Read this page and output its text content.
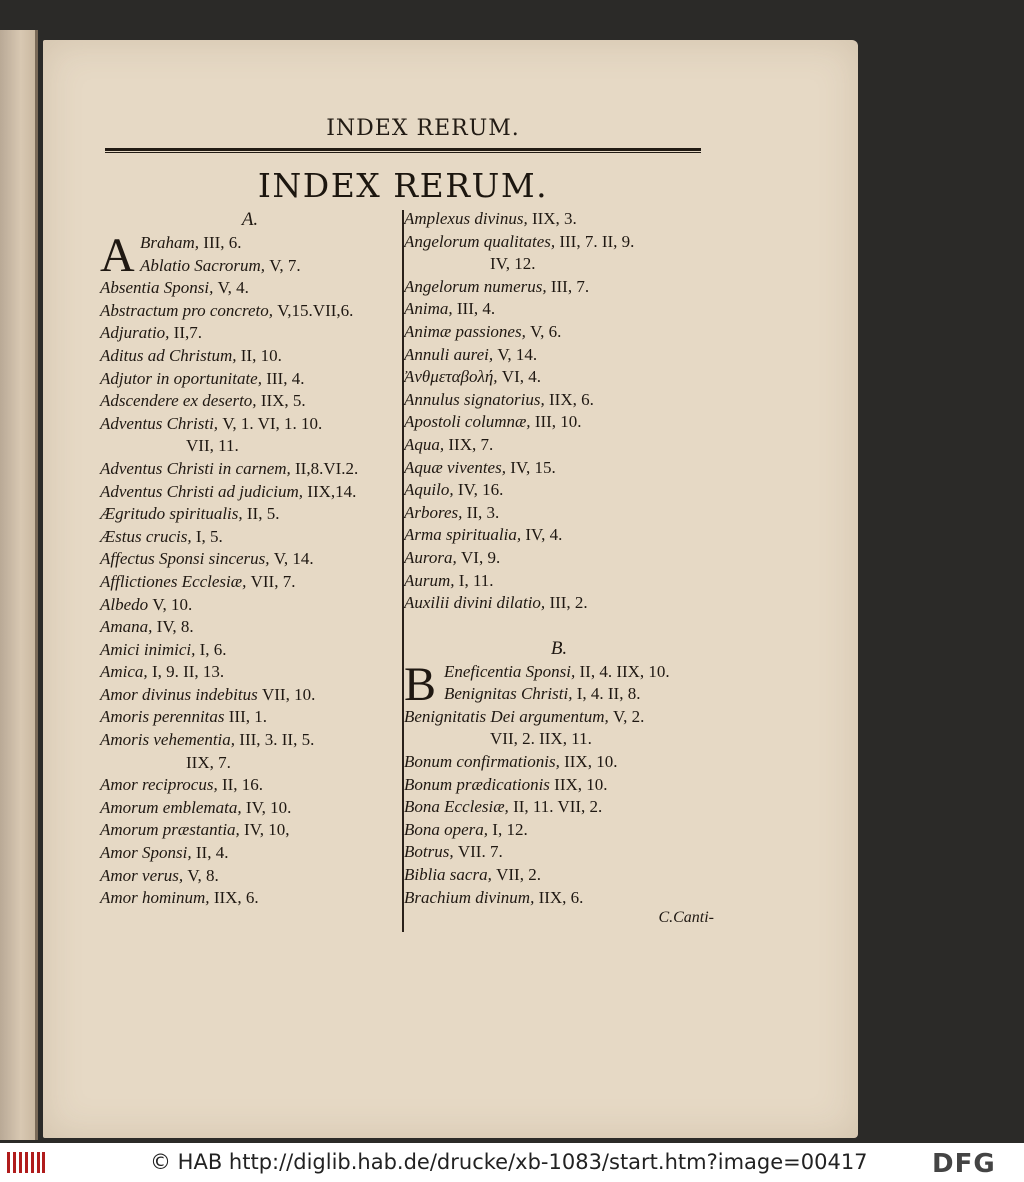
INDEX RERUM.
INDEX RERUM.
A.
A Braham, III, 6.
Ablatio Sacrorum, V, 7.
Absentia Sponsi, V, 4.
Abstractum pro concreto, V,15.VII,6.
Adjuratio, II,7.
Aditus ad Christum, II, 10.
Adjutor in oportunitate, III, 4.
Adscendere ex deserto, IIX, 5.
Adventus Christi, V, 1. VI, 1. 10.
VII, 11.
Adventus Christi in carnem, II,8.VI.2.
Adventus Christi ad judicium, IIX,14.
Ægritudo spiritualis, II, 5.
Æstus crucis, I, 5.
Affectus Sponsi sincerus, V, 14.
Afflictiones Ecclesiæ, VII, 7.
Albedo V, 10.
Amana, IV, 8.
Amici inimici, I, 6.
Amica, I, 9. II, 13.
Amor divinus indebitus VII, 10.
Amoris perennitas III, 1.
Amoris vehementia, III, 3. II, 5.
IIX, 7.
Amor reciprocus, II, 16.
Amorum emblemata, IV, 10.
Amorum præstantia, IV, 10,
Amor Sponsi, II, 4.
Amor verus, V, 8.
Amor hominum, IIX, 6.
Amplexus divinus, IIX, 3.
Angelorum qualitates, III, 7. II, 9.
IV, 12.
Angelorum numerus, III, 7.
Anima, III, 4.
Animæ passiones, V, 6.
Annuli aurei, V, 14.
Ἀνθμεταβολή, VI, 4.
Annulus signatorius, IIX, 6.
Apostoli columnæ, III, 10.
Aqua, IIX, 7.
Aquæ viventes, IV, 15.
Aquilo, IV, 16.
Arbores, II, 3.
Arma spiritualia, IV, 4.
Aurora, VI, 9.
Aurum, I, 11.
Auxilii divini dilatio, III, 2.
B.
B Eneficentia Sponsi, II, 4. IIX, 10.
Benignitas Christi, I, 4. II, 8.
Benignitatis Dei argumentum, V, 2.
VII, 2. IIX, 11.
Bonum confirmationis, IIX, 10.
Bonum prædicationis IIX, 10.
Bona Ecclesiæ, II, 11. VII, 2.
Bona opera, I, 12.
Botrus, VII. 7.
Biblia sacra, VII, 2.
Brachium divinum, IIX, 6.
C.Canti-
© HAB http://diglib.hab.de/drucke/xb-1083/start.htm?image=00417 DFG
